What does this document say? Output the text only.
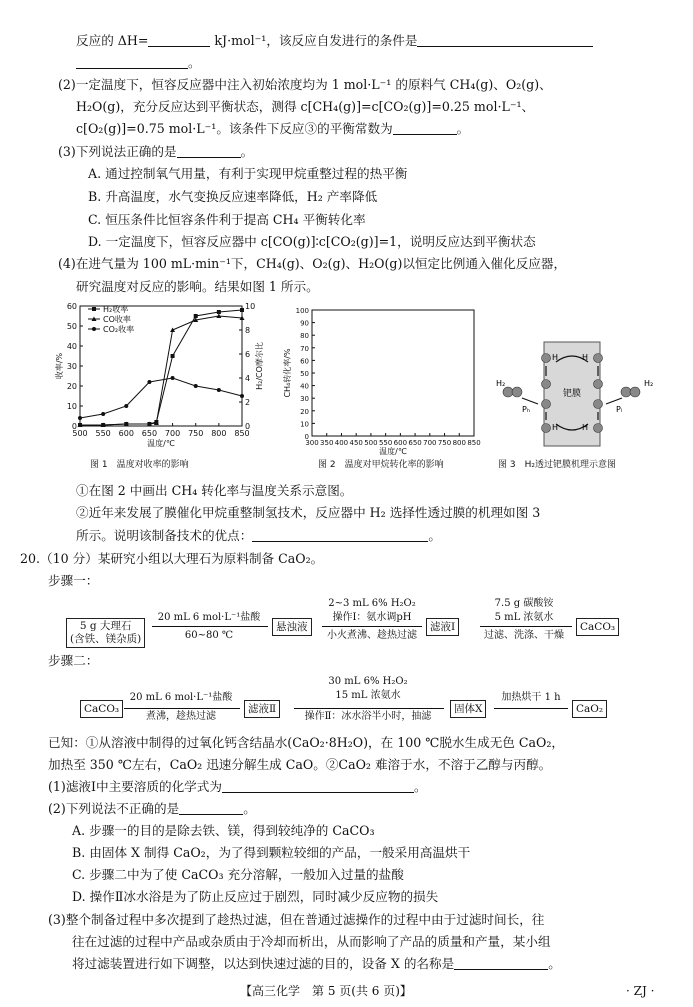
反应的 ΔH=	kJ·mol⁻¹，该反应自发进行的条件是
。
(2)一定温度下，恒容反应器中注入初始浓度均为 1 mol·L⁻¹ 的原料气 CH₄(g)、O₂(g)、
H₂O(g)，充分反应达到平衡状态，测得 c[CH₄(g)]=c[CO₂(g)]=0.25 mol·L⁻¹、
c[O₂(g)]=0.75 mol·L⁻¹。该条件下反应③的平衡常数为	。
(3)下列说法正确的是	。
A. 通过控制氧气用量，有利于实现甲烷重整过程的热平衡
B. 升高温度，水气变换反应速率降低，H₂ 产率降低
C. 恒压条件比恒容条件利于提高 CH₄ 平衡转化率
D. 一定温度下，恒容反应器中 c[CO(g)]∶c[CO₂(g)]=1，说明反应达到平衡状态
(4)在进气量为 100 mL·min⁻¹下，CH₄(g)、O₂(g)、H₂O(g)以恒定比例通入催化反应器，
研究温度对反应的影响。结果如图 1 所示。
500 550 600 650 700 750 800 850
0
10
20
30
40
50
60
0
2
4
6
8
10
温度/℃
收率/%	H₂/CO摩尔比
H₂收率
CO收率
CO₂收率
图 1　温度对收率的影响
300 350 400 450 500 550 600 650 700 750 800 850
0
10
20
30
40
50
60
70
80
90
100
温度/℃
CH₄转化率/%
图 2　温度对甲烷转化率的影响
钯膜
H₂	H₂
Pₕ	Pₗ
H	H
H	H
图 3　H₂透过钯膜机理示意图
①在图 2 中画出 CH₄ 转化率与温度关系示意图。
②近年来发展了膜催化甲烷重整制氢技术，反应器中 H₂ 选择性透过膜的机理如图 3
所示。说明该制备技术的优点：	。
20.（10 分）某研究小组以大理石为原料制备 CaO₂。
步骤一：
5 g 大理石
(含铁、镁杂质)
20 mL 6 mol·L⁻¹盐酸
60~80 ℃
悬浊液
2~3 mL 6% H₂O₂
操作Ⅰ：氨水调pH
小火煮沸、趁热过滤
滤液Ⅰ
7.5 g 碳酸铵
5 mL 浓氨水
过滤、洗涤、干燥
CaCO₃
步骤二：
CaCO₃
20 mL 6 mol·L⁻¹盐酸
煮沸，趁热过滤
滤液Ⅱ
30 mL 6% H₂O₂
15 mL 浓氨水
操作Ⅱ：冰水浴半小时，抽滤
固体X
加热烘干 1 h
CaO₂
已知：①从溶液中制得的过氧化钙含结晶水(CaO₂·8H₂O)，在 100 ℃脱水生成无色 CaO₂，
加热至 350 ℃左右，CaO₂ 迅速分解生成 CaO。②CaO₂ 难溶于水，不溶于乙醇与丙醇。
(1)滤液Ⅰ中主要溶质的化学式为	。
(2)下列说法不正确的是	。
A. 步骤一的目的是除去铁、镁，得到较纯净的 CaCO₃
B. 由固体 X 制得 CaO₂，为了得到颗粒较细的产品，一般采用高温烘干
C. 步骤二中为了使 CaCO₃ 充分溶解，一般加入过量的盐酸
D. 操作Ⅱ冰水浴是为了防止反应过于剧烈，同时减少反应物的损失
(3)整个制备过程中多次提到了趁热过滤，但在普通过滤操作的过程中由于过滤时间长，往
往在过滤的过程中产品或杂质由于冷却而析出，从而影响了产品的质量和产量，某小组
将过滤装置进行如下调整，以达到快速过滤的目的，设备 X 的名称是	。
【高三化学　第 5 页(共 6 页)】	· ZJ ·
